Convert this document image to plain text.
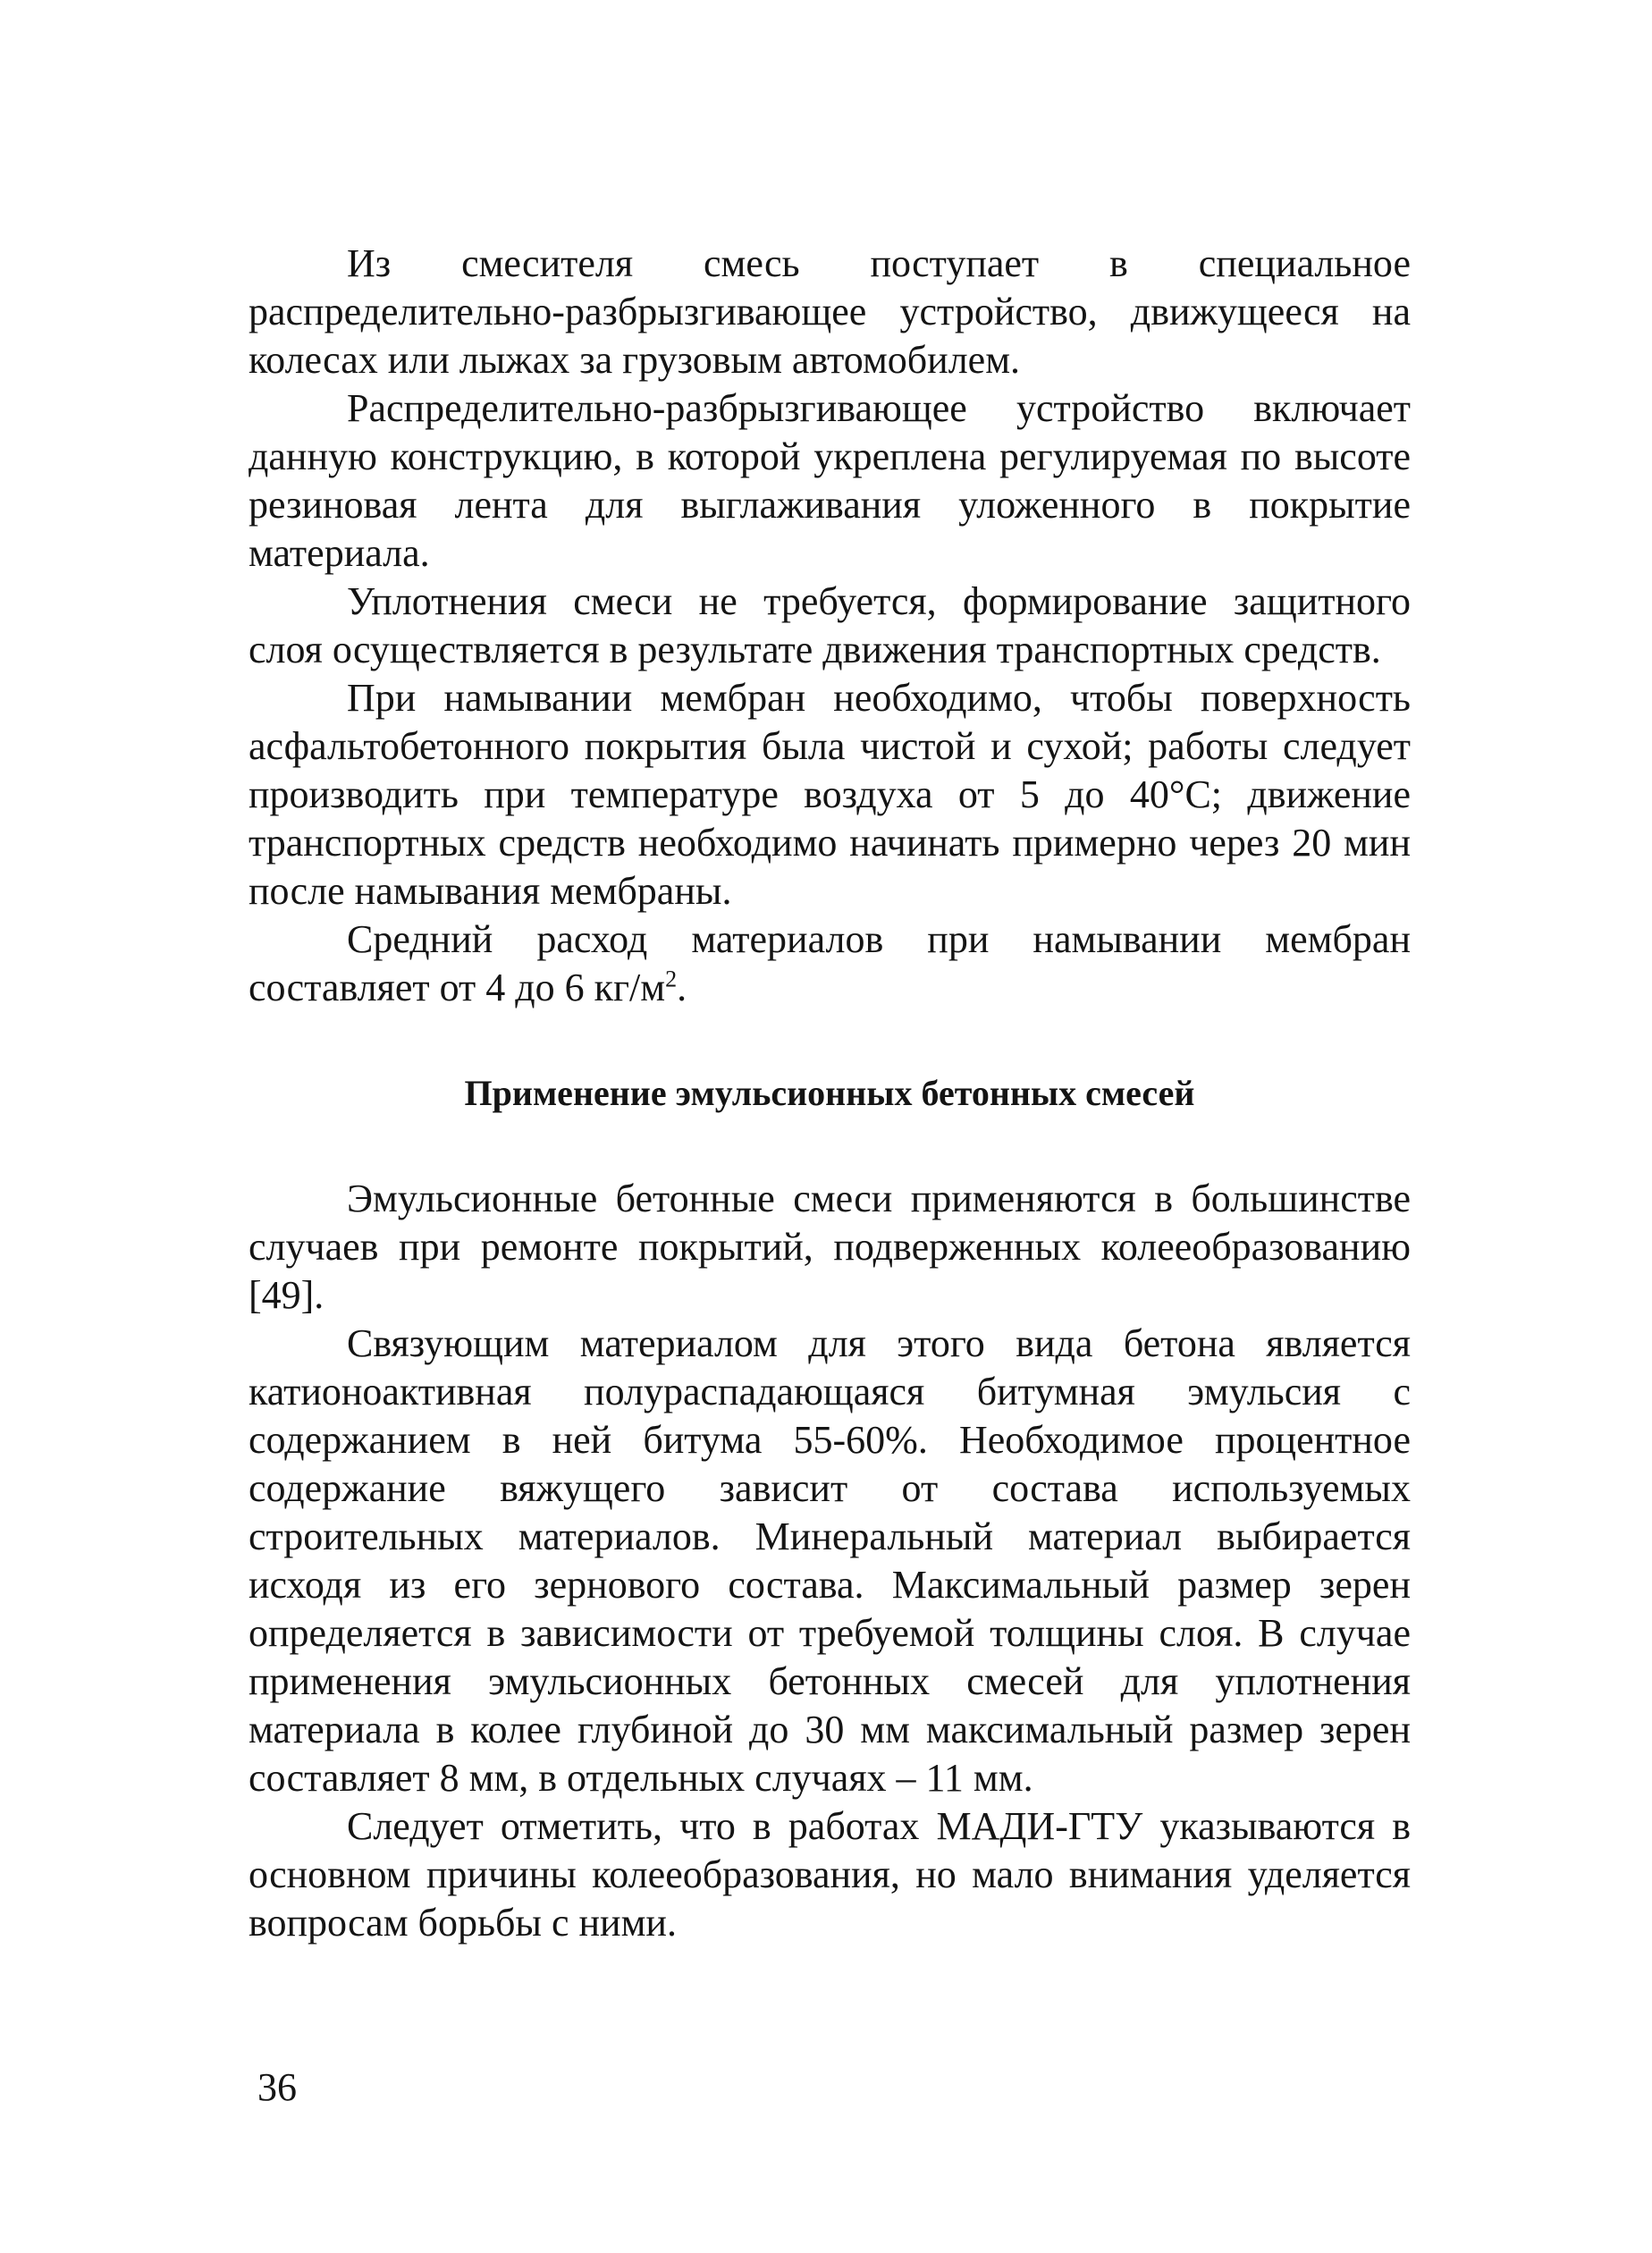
Из смесителя смесь поступает в специальное распределительно-разбрызгивающее устройство, движущееся на колесах или лыжах за грузовым автомобилем.

Распределительно-разбрызгивающее устройство включает данную конструкцию, в которой укреплена регулируемая по высоте резиновая лента для выглаживания уложенного в покрытие материала.

Уплотнения смеси не требуется, формирование защитного слоя осуществляется в результате движения транспортных средств.

При намывании мембран необходимо, чтобы поверхность асфальтобетонного покрытия была чистой и сухой; работы следует производить при температуре воздуха от 5 до 40°С; движение транспортных средств необходимо начинать примерно через 20 мин после намывания мембраны.

Средний расход материалов при намывании мембран составляет от 4 до 6 $кг/м^2$.

Применение эмульсионных бетонных смесей

Эмульсионные бетонные смеси применяются в большинстве случаев при ремонте покрытий, подверженных колееобразованию [49].

Связующим материалом для этого вида бетона является катионоактивная полураспадающаяся битумная эмульсия с содержанием в ней битума 55-60%. Необходимое процентное содержание вяжущего зависит от состава используемых строительных материалов. Минеральный материал выбирается исходя из его зернового состава. Максимальный размер зерен определяется в зависимости от требуемой толщины слоя. В случае применения эмульсионных бетонных смесей для уплотнения материала в колее глубиной до 30 мм максимальный размер зерен составляет 8 мм, в отдельных случаях – 11 мм.

Следует отметить, что в работах МАДИ-ГТУ указываются в основном причины колееобразования, но мало внимания уделяется вопросам борьбы с ними.

36
